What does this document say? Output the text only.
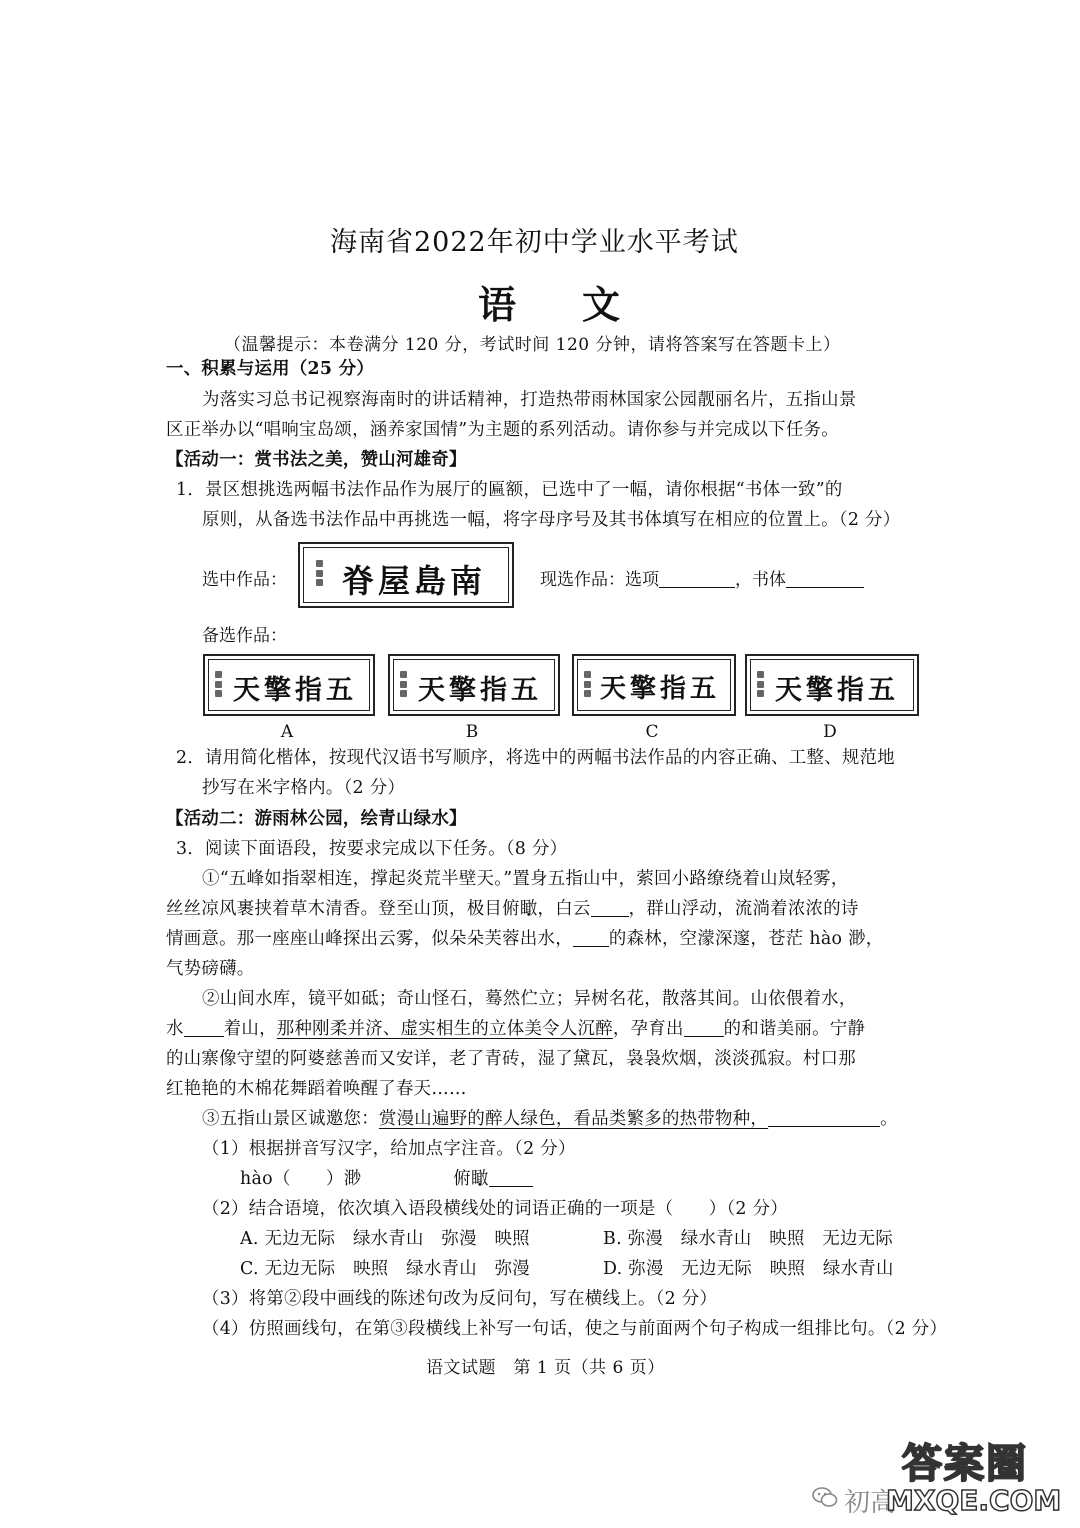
海南省2022年初中学业水平考试
语　文
（温馨提示：本卷满分 120 分，考试时间 120 分钟，请将答案写在答题卡上）
一、积累与运用（25 分）
为落实习总书记视察海南时的讲话精神，打造热带雨林国家公园靓丽名片，五指山景
区正举办以“唱响宝岛颂，涵养家国情”为主题的系列活动。请你参与并完成以下任务。
【活动一：赏书法之美，赞山河雄奇】
1．景区想挑选两幅书法作品作为展厅的匾额，已选中了一幅，请你根据“书体一致”的
原则，从备选书法作品中再挑选一幅，将字母序号及其书体填写在相应的位置上。（2 分）
选中作品： 脊屋島南	现选作品：选项	，书体
备选作品：
天擎指五 天擎指五 天擎指五 天擎指五
A	B	C	D
2．请用简化楷体，按现代汉语书写顺序，将选中的两幅书法作品的内容正确、工整、规范地
抄写在米字格内。（2 分）
【活动二：游雨林公园，绘青山绿水】
3．阅读下面语段，按要求完成以下任务。（8 分）
①“五峰如指翠相连，撑起炎荒半壁天。”置身五指山中，萦回小路缭绕着山岚轻雾，
丝丝凉风裹挟着草木清香。登至山顶，极目俯瞰，白云 ，群山浮动，流淌着浓浓的诗
情画意。那一座座山峰探出云雾，似朵朵芙蓉出水， 的森林，空濛深邃，苍茫 hào 渺，
气势磅礴。
②山间水库，镜平如砥；奇山怪石，蓦然伫立；异树名花，散落其间。山依偎着水，
水 着山，那种刚柔并济、虚实相生的立体美令人沉醉，孕育出 的和谐美丽。宁静
的山寨像守望的阿婆慈善而又安详，老了青砖，湿了黛瓦，袅袅炊烟，淡淡孤寂。村口那
红艳艳的木棉花舞蹈着唤醒了春天……
③五指山景区诚邀您：赏漫山遍野的醉人绿色，看品类繁多的热带物种，	。
（1）根据拼音写汉字，给加点字注音。（2 分）
hào（　　）渺	俯瞰
（2）结合语境，依次填入语段横线处的词语正确的一项是（　　）（2 分）
A. 无边无际　绿水青山　弥漫　映照	B. 弥漫　绿水青山　映照　无边无际
C. 无边无际　映照　绿水青山　弥漫	D. 弥漫　无边无际　映照　绿水青山
（3）将第②段中画线的陈述句改为反问句，写在横线上。（2 分）
（4）仿照画线句，在第③段横线上补写一句话，使之与前面两个句子构成一组排比句。（2 分）
语文试题　第 1 页（共 6 页）
初高
答案圈
MXQE.COM
